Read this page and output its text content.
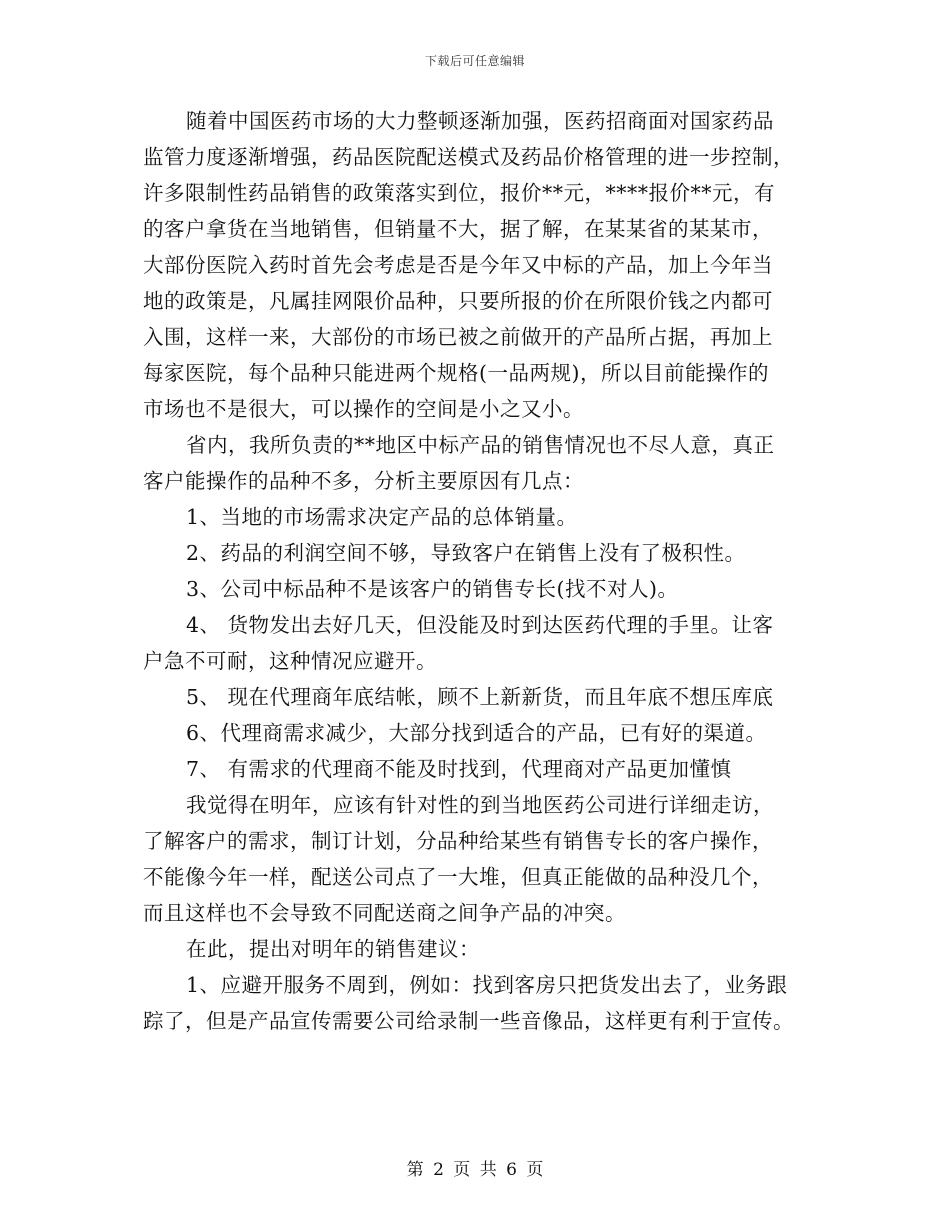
下载后可任意编辑
随着中国医药市场的大力整顿逐渐加强，医药招商面对国家药品
监管力度逐渐增强，药品医院配送模式及药品价格管理的进一步控制，
许多限制性药品销售的政策落实到位，报价**元，****报价**元，有
的客户拿货在当地销售，但销量不大，据了解，在某某省的某某市，
大部份医院入药时首先会考虑是否是今年又中标的产品，加上今年当
地的政策是，凡属挂网限价品种，只要所报的价在所限价钱之内都可
入围，这样一来，大部份的市场已被之前做开的产品所占据，再加上
每家医院，每个品种只能进两个规格(一品两规)，所以目前能操作的
市场也不是很大，可以操作的空间是小之又小。
省内，我所负责的**地区中标产品的销售情况也不尽人意，真正
客户能操作的品种不多，分析主要原因有几点：
1、当地的市场需求决定产品的总体销量。
2、药品的利润空间不够，导致客户在销售上没有了极积性。
3、公司中标品种不是该客户的销售专长(找不对人)。
4、 货物发出去好几天，但没能及时到达医药代理的手里。让客
户急不可耐，这种情况应避开。
5、 现在代理商年底结帐，顾不上新新货，而且年底不想压库底
6、代理商需求减少，大部分找到适合的产品，已有好的渠道。
7、 有需求的代理商不能及时找到，代理商对产品更加懂慎
我觉得在明年，应该有针对性的到当地医药公司进行详细走访，
了解客户的需求，制订计划，分品种给某些有销售专长的客户操作，
不能像今年一样，配送公司点了一大堆，但真正能做的品种没几个，
而且这样也不会导致不同配送商之间争产品的冲突。
在此，提出对明年的销售建议：
1、应避开服务不周到，例如：找到客房只把货发出去了，业务跟
踪了，但是产品宣传需要公司给录制一些音像品，这样更有利于宣传。
第 2 页 共 6 页
